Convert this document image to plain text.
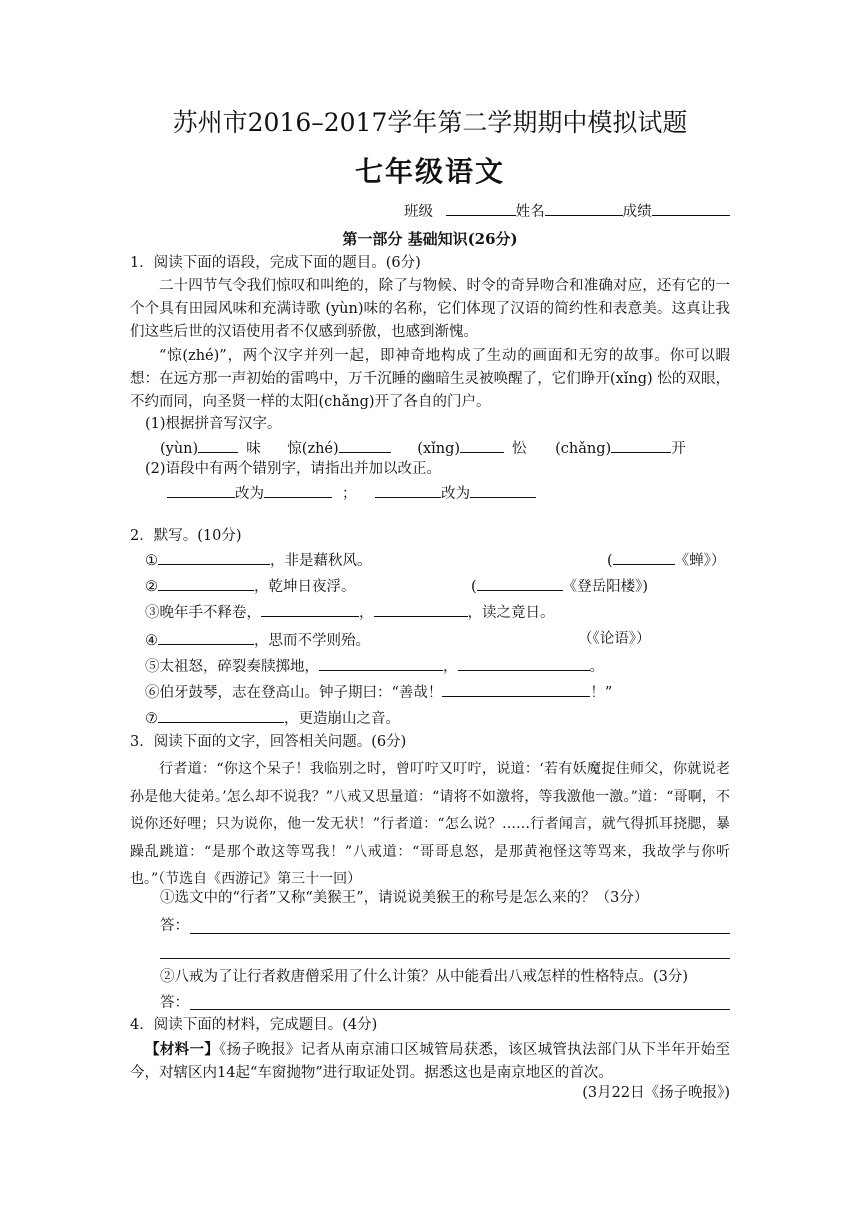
苏州市2016–2017学年第二学期期中模拟试题
七年级语文
班级	姓名	成绩
第一部分 基础知识(26分)
1．阅读下面的语段，完成下面的题目。(6分)
二十四节气令我们惊叹和叫绝的，除了与物候、时令的奇异吻合和准确对应，还有它的一个个具有田园风味和充满诗歌 (yùn)味的名称，它们体现了汉语的简约性和表意美。这真让我们这些后世的汉语使用者不仅感到骄傲，也感到渐愧。
“惊(zhé)”，两个汉字并列一起，即神奇地构成了生动的画面和无穷的故事。你可以暇想：在远方那一声初始的雷鸣中，万千沉睡的幽暗生灵被唤醒了，它们睁开(xǐng) 忪的双眼，不约而同，向圣贤一样的太阳(chǎng)开了各自的门户。
(1)根据拼音写汉字。
(yùn)	味 惊(zhé)	(xǐng)	忪 (chǎng)	开
(2)语段中有两个错别字，请指出并加以改正。
改为	；	改为
2．默写。(10分)
①	，非是藉秋风。	(	《蝉》）
②	，乾坤日夜浮。	(	《登岳阳楼》)
③晚年手不释卷，	，	，读之竟日。
④	，思而不学则殆。	（《论语》）
⑤太祖怒，碎裂奏牍掷地，	，	。
⑥伯牙鼓琴，志在登高山。钟子期曰：“善哉！	！”
⑦	，更造崩山之音。
3．阅读下面的文字，回答相关问题。(6分)
行者道：“你这个呆子！我临别之时，曾叮咛又叮咛，说道：‘若有妖魔捉住师父，你就说老孙是他大徒弟。’怎么却不说我？”八戒又思量道：“请将不如激将，等我激他一激。”道：“哥啊，不说你还好哩；只为说你，他一发无状！”行者道：“怎么说？……行者闻言，就气得抓耳挠腮，暴躁乱跳道：“是那个敢这等骂我！”八戒道：“哥哥息怒，是那黄袍怪这等骂来，我故学与你听也。”（节选自《西游记》第三十一回）
①选文中的“行者”又称“美猴王”，请说说美猴王的称号是怎么来的？（3分）
答：
②八戒为了让行者救唐僧采用了什么计策？从中能看出八戒怎样的性格特点。(3分)
答：
4．阅读下面的材料，完成题目。(4分)
【材料一】《扬子晚报》记者从南京浦口区城管局获悉，该区城管执法部门从下半年开始至今，对辖区内14起“车窗抛物”进行取证处罚。据悉这也是南京地区的首次。
(3月22日《扬子晚报》)
